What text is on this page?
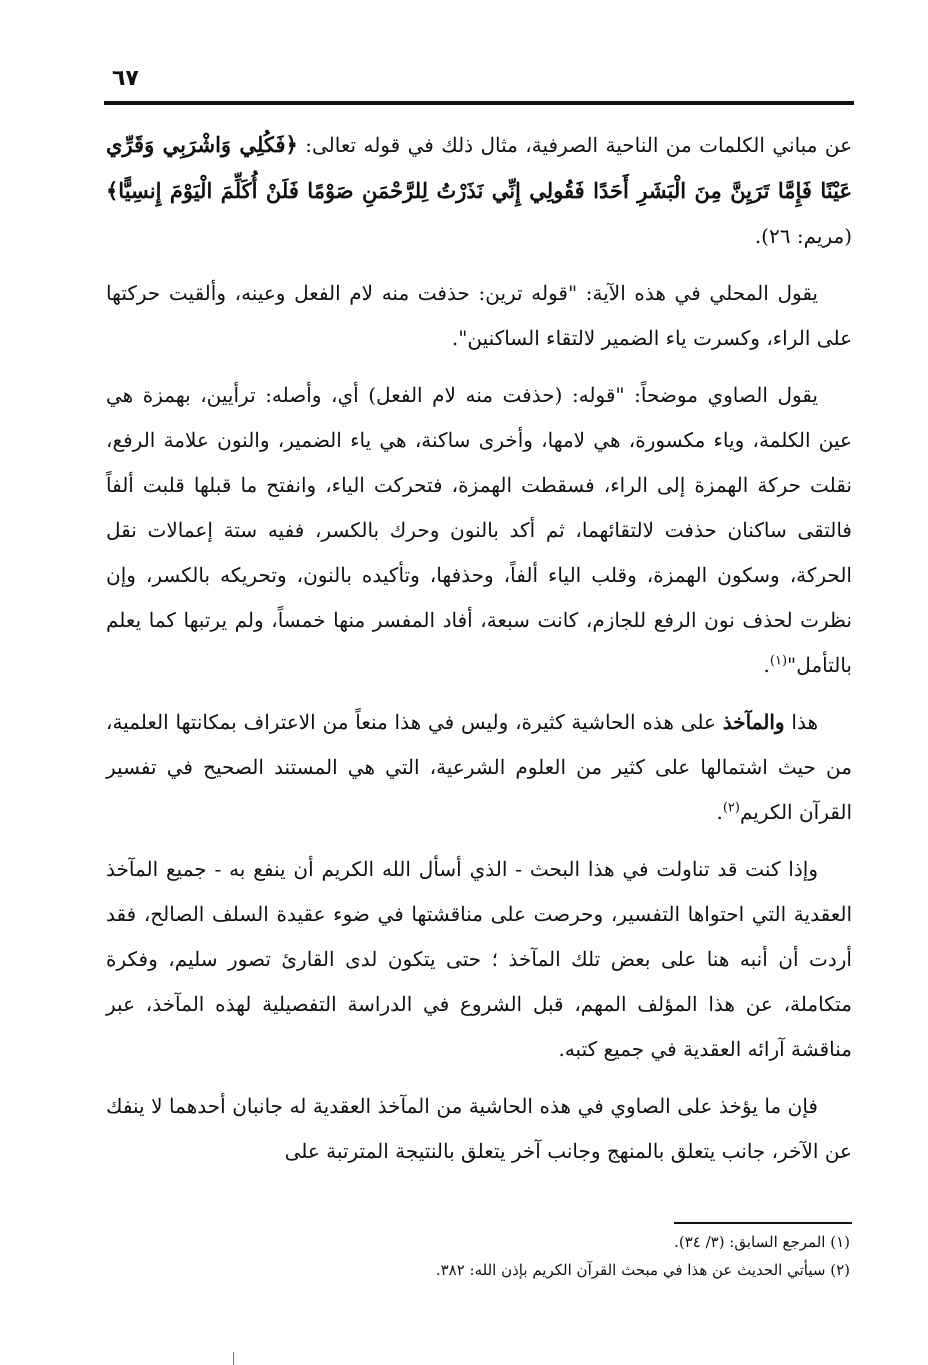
٦٧

عن مباني الكلمات من الناحية الصرفية، مثال ذلك في قوله تعالى: ﴿فَكُلِي وَاشْرَبِي وَقَرِّي عَيْنًا فَإِمَّا تَرَيِنَّ مِنَ الْبَشَرِ أَحَدًا فَقُولِي إِنِّي نَذَرْتُ لِلرَّحْمَنِ صَوْمًا فَلَنْ أُكَلِّمَ الْيَوْمَ إِنسِيًّا﴾ (مريم: ٢٦).

يقول المحلي في هذه الآية: "قوله ترين: حذفت منه لام الفعل وعينه، وألقيت حركتها على الراء، وكسرت ياء الضمير لالتقاء الساكنين".

يقول الصاوي موضحاً: "قوله: (حذفت منه لام الفعل) أي، وأصله: ترأيين، بهمزة هي عين الكلمة، وياء مكسورة، هي لامها، وأخرى ساكنة، هي ياء الضمير، والنون علامة الرفع، نقلت حركة الهمزة إلى الراء، فسقطت الهمزة، فتحركت الياء، وانفتح ما قبلها قلبت ألفاً فالتقى ساكنان حذفت لالتقائهما، ثم أكد بالنون وحرك بالكسر، ففيه ستة إعمالات نقل الحركة، وسكون الهمزة، وقلب الياء ألفاً، وحذفها، وتأكيده بالنون، وتحريكه بالكسر، وإن نظرت لحذف نون الرفع للجازم، كانت سبعة، أفاد المفسر منها خمساً، ولم يرتبها كما يعلم بالتأمل"$^{(١)}$.

هذا والمآخذ على هذه الحاشية كثيرة، وليس في هذا منعاً من الاعتراف بمكانتها العلمية، من حيث اشتمالها على كثير من العلوم الشرعية، التي هي المستند الصحيح في تفسير القرآن الكريم$^{(٢)}$.

وإذا كنت قد تناولت في هذا البحث - الذي أسأل الله الكريم أن ينفع به - جميع المآخذ العقدية التي احتواها التفسير، وحرصت على مناقشتها في ضوء عقيدة السلف الصالح، فقد أردت أن أنبه هنا على بعض تلك المآخذ ؛ حتى يتكون لدى القارئ تصور سليم، وفكرة متكاملة، عن هذا المؤلف المهم، قبل الشروع في الدراسة التفصيلية لهذه المآخذ، عبر مناقشة آرائه العقدية في جميع كتبه.

فإن ما يؤخذ على الصاوي في هذه الحاشية من المآخذ العقدية له جانبان أحدهما لا ينفك عن الآخر، جانب يتعلق بالمنهج وجانب آخر يتعلق بالنتيجة المترتبة على

(١) المرجع السابق: (٣/ ٣٤).
(٢) سيأتي الحديث عن هذا في مبحث القرآن الكريم بإذن الله: ٣٨٢.
